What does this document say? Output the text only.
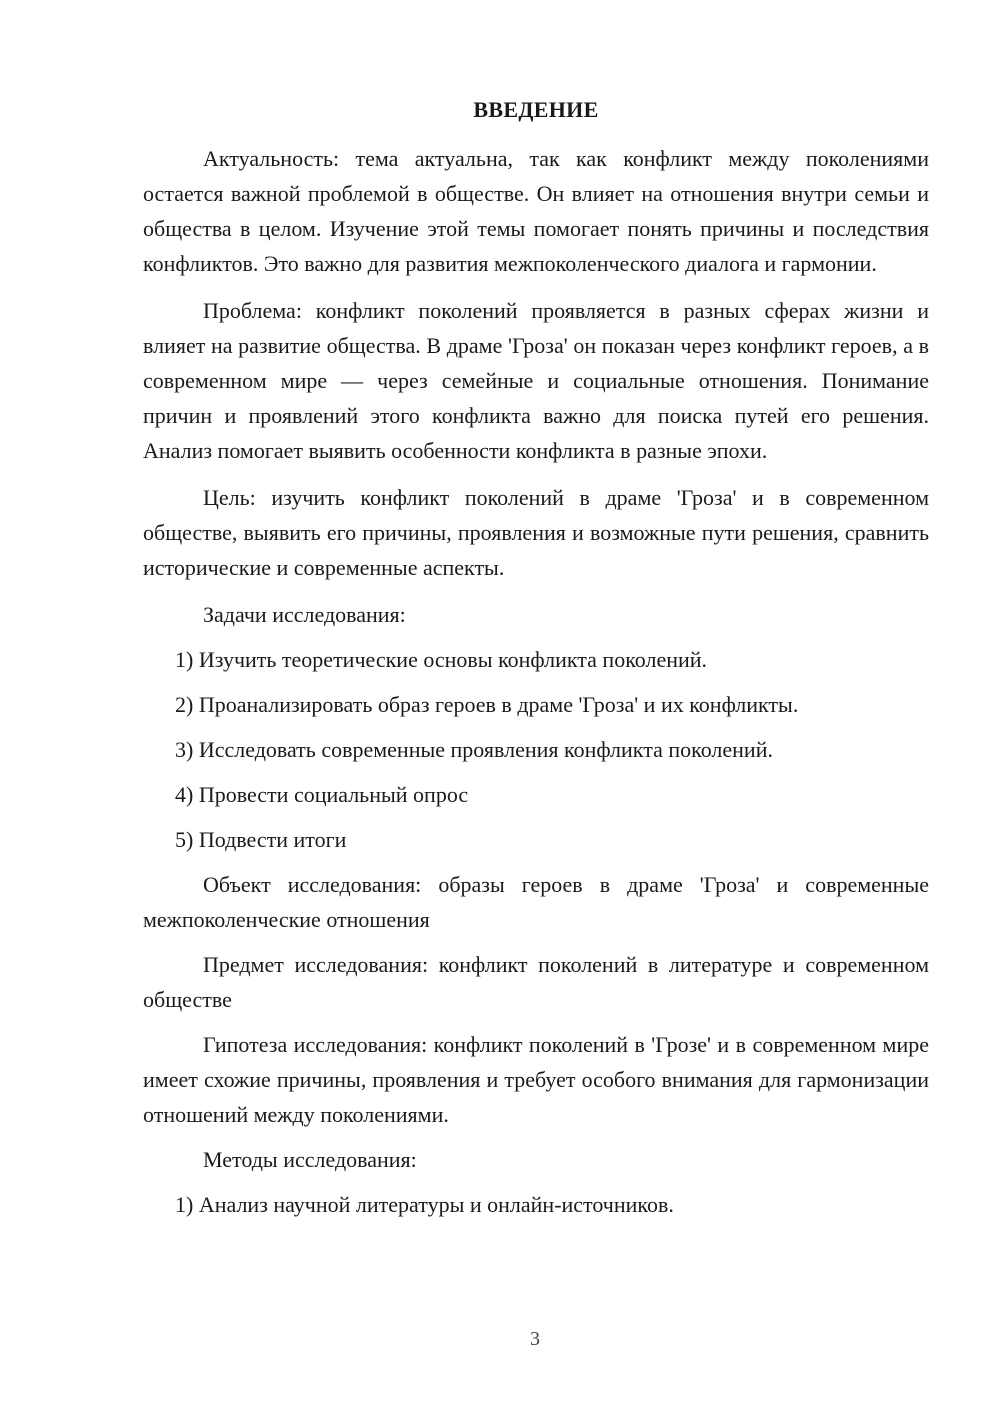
ВВЕДЕНИЕ

Актуальность: тема актуальна, так как конфликт между поколениями остается важной проблемой в обществе. Он влияет на отношения внутри семьи и общества в целом. Изучение этой темы помогает понять причины и последствия конфликтов. Это важно для развития межпоколенческого диалога и гармонии.

Проблема: конфликт поколений проявляется в разных сферах жизни и влияет на развитие общества. В драме 'Гроза' он показан через конфликт героев, а в современном мире — через семейные и социальные отношения. Понимание причин и проявлений этого конфликта важно для поиска путей его решения. Анализ помогает выявить особенности конфликта в разные эпохи.

Цель: изучить конфликт поколений в драме 'Гроза' и в современном обществе, выявить его причины, проявления и возможные пути решения, сравнить исторические и современные аспекты.

Задачи исследования:

1) Изучить теоретические основы конфликта поколений.

2) Проанализировать образ героев в драме 'Гроза' и их конфликты.

3) Исследовать современные проявления конфликта поколений.

4) Провести социальный опрос

5) Подвести итоги

Объект исследования: образы героев в драме 'Гроза' и современные межпоколенческие отношения

Предмет исследования: конфликт поколений в литературе и современном обществе

Гипотеза исследования: конфликт поколений в 'Грозе' и в современном мире имеет схожие причины, проявления и требует особого внимания для гармонизации отношений между поколениями.

Методы исследования:

1) Анализ научной литературы и онлайн-источников.

3
